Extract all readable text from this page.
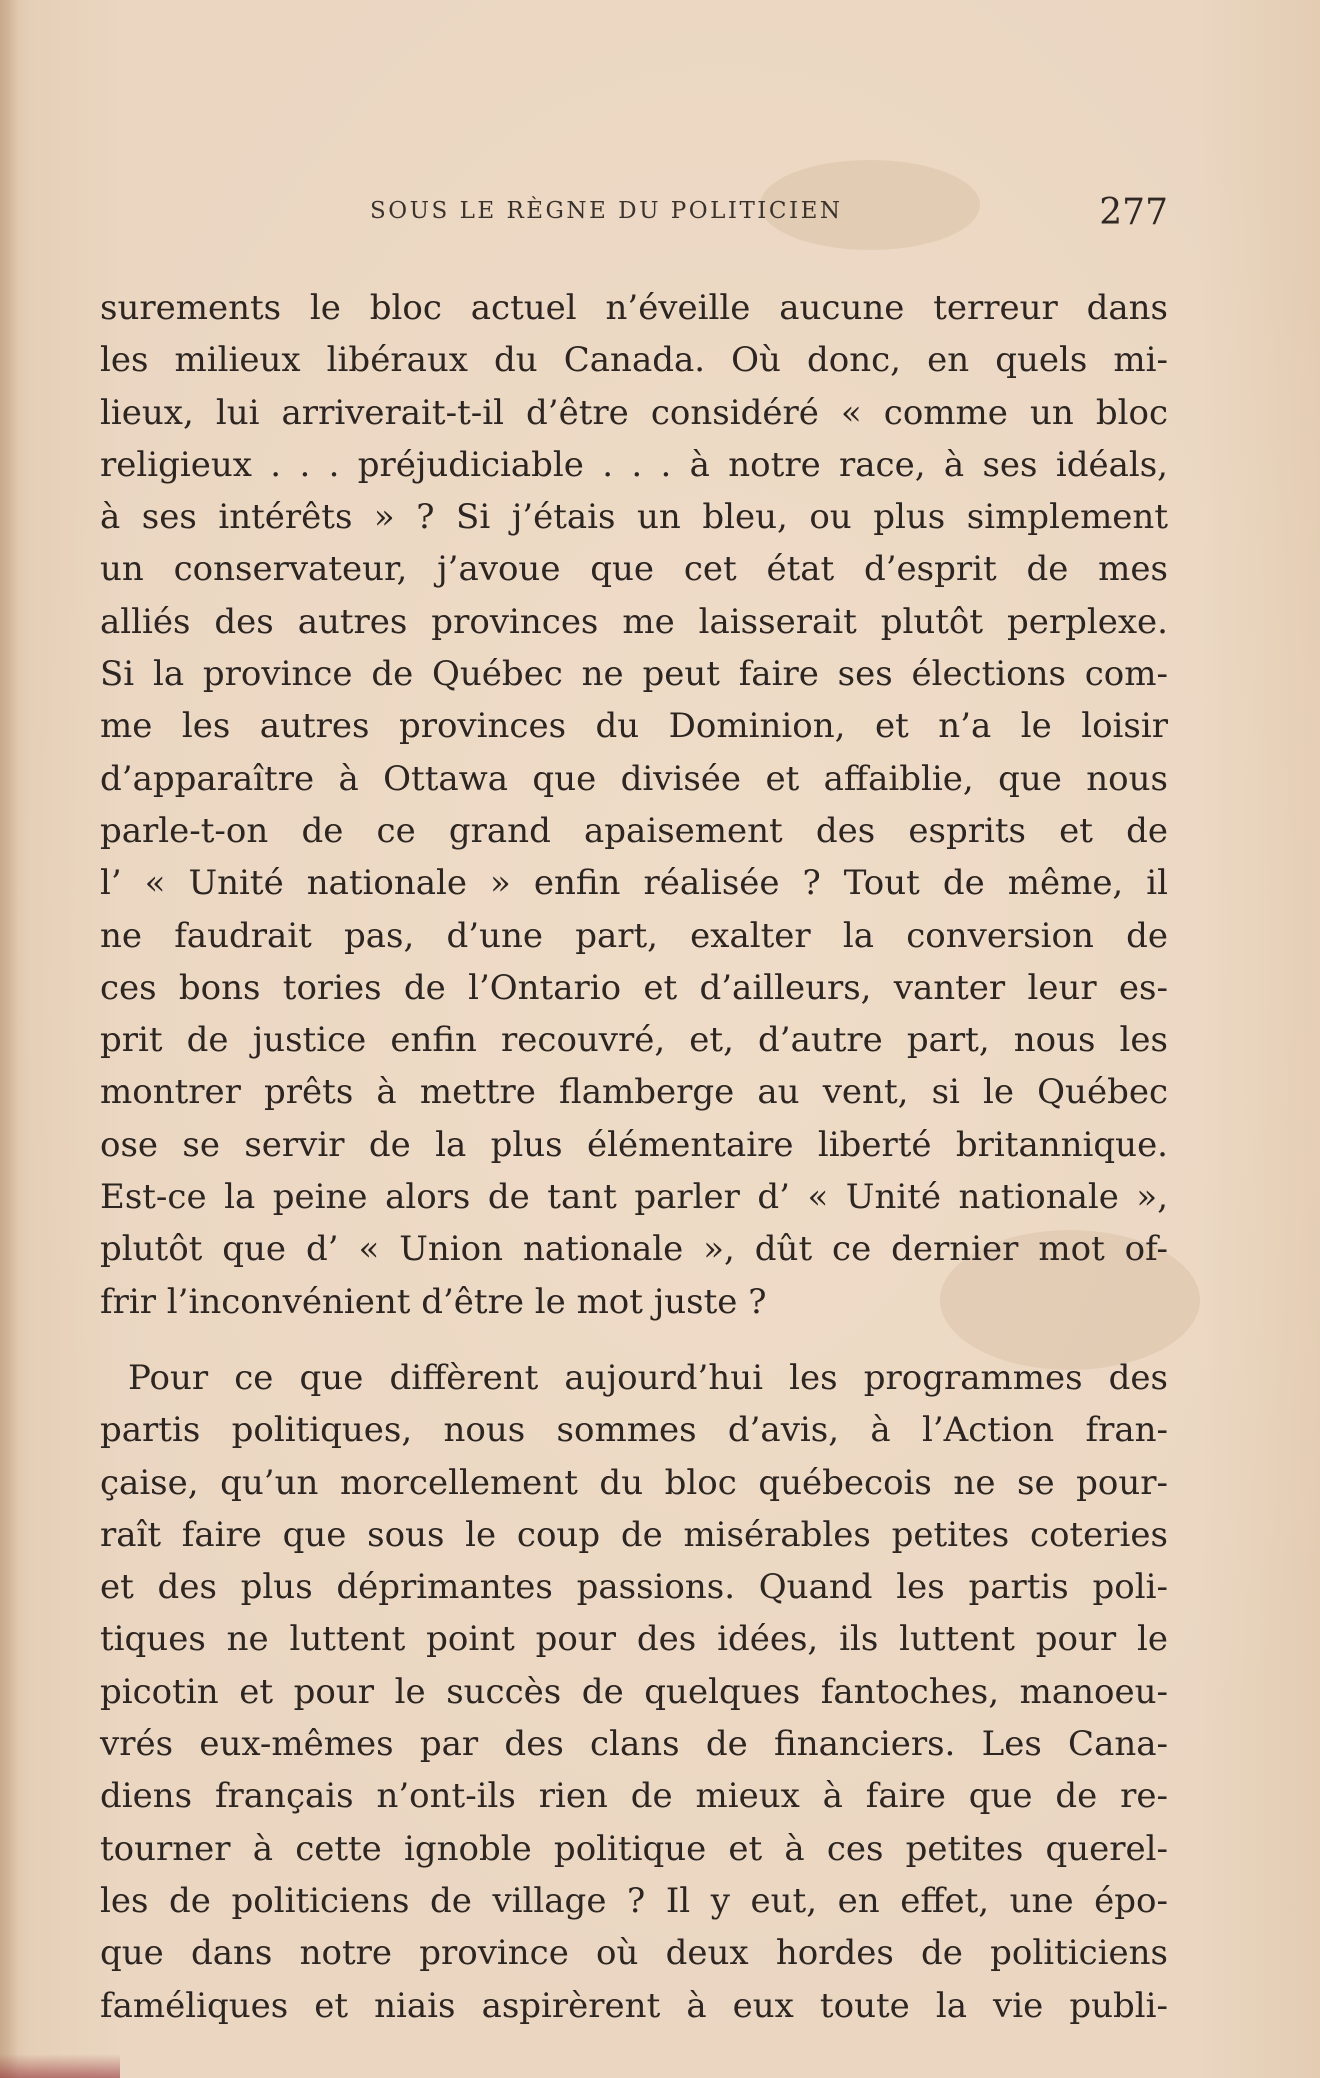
SOUS LE RÈGNE DU POLITICIEN	277
surements le bloc actuel n’éveille aucune terreur dans
les milieux libéraux du Canada. Où donc, en quels mi-
lieux, lui arriverait-t-il d’être considéré « comme un bloc
religieux . . . préjudiciable . . . à notre race, à ses idéals,
à ses intérêts » ? Si j’étais un bleu, ou plus simplement
un conservateur, j’avoue que cet état d’esprit de mes
alliés des autres provinces me laisserait plutôt perplexe.
Si la province de Québec ne peut faire ses élections com-
me les autres provinces du Dominion, et n’a le loisir
d’apparaître à Ottawa que divisée et affaiblie, que nous
parle-t-on de ce grand apaisement des esprits et de
l’ « Unité nationale » enfin réalisée ? Tout de même, il
ne faudrait pas, d’une part, exalter la conversion de
ces bons tories de l’Ontario et d’ailleurs, vanter leur es-
prit de justice enfin recouvré, et, d’autre part, nous les
montrer prêts à mettre flamberge au vent, si le Québec
ose se servir de la plus élémentaire liberté britannique.
Est-ce la peine alors de tant parler d’ « Unité nationale »,
plutôt que d’ « Union nationale », dût ce dernier mot of-
frir l’inconvénient d’être le mot juste ?
Pour ce que diffèrent aujourd’hui les programmes des
partis politiques, nous sommes d’avis, à l’Action fran-
çaise, qu’un morcellement du bloc québecois ne se pour-
raît faire que sous le coup de misérables petites coteries
et des plus déprimantes passions. Quand les partis poli-
tiques ne luttent point pour des idées, ils luttent pour le
picotin et pour le succès de quelques fantoches, manoeu-
vrés eux-mêmes par des clans de financiers. Les Cana-
diens français n’ont-ils rien de mieux à faire que de re-
tourner à cette ignoble politique et à ces petites querel-
les de politiciens de village ? Il y eut, en effet, une épo-
que dans notre province où deux hordes de politiciens
faméliques et niais aspirèrent à eux toute la vie publi-
